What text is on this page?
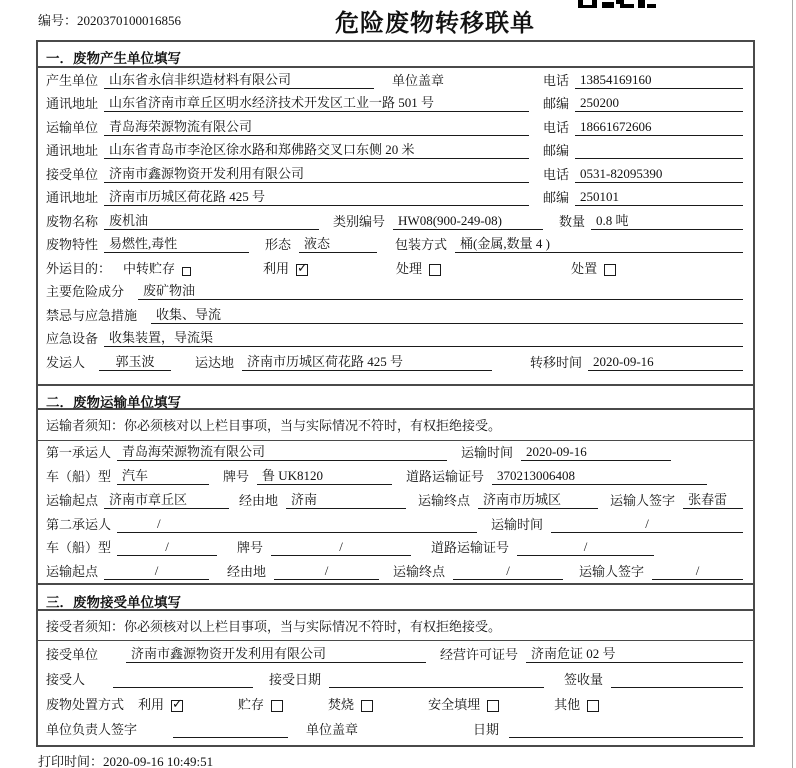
编号：2020370100016856	危险废物转移联单
一．废物产生单位填写
产生单位 山东省永信非织造材料有限公司	单位盖章	电话 13854169160
通讯地址 山东省济南市章丘区明水经济技术开发区工业一路 501 号	邮编 250200
运输单位 青岛海荣源物流有限公司	电话 18661672606
通讯地址 山东省青岛市李沧区徐水路和郑佛路交叉口东侧 20 米	邮编
接受单位 济南市鑫源物资开发利用有限公司	电话 0531-82095390
通讯地址 济南市历城区荷花路 425 号	邮编 250101
废物名称 废机油	类别编号	HW08(900-249-08)	数量 0.8 吨
废物特性 易燃性,毒性	形态	液态	包装方式	桶(金属,数量 4 )
外运目的： 中转贮存	利用 ✓	处理	处置
主要危险成分	废矿物油
禁忌与应急措施	收集、导流
应急设备 收集装置，导流渠
发运人	郭玉波	运达地	济南市历城区荷花路 425 号	转移时间 2020-09-16
二．废物运输单位填写
运输者须知：你必须核对以上栏目事项，当与实际情况不符时，有权拒绝接受。
第一承运人 青岛海荣源物流有限公司	运输时间	2020-09-16
车（船）型 汽车	牌号	鲁 UK8120	道路运输证号	370213006408
运输起点 济南市章丘区	经由地	济南	运输终点	济南市历城区	运输人签字	张春雷
第二承运人	/	运输时间	/
车（船）型	/	牌号	/	道路运输证号	/
运输起点	/	经由地	/	运输终点	/	运输人签字	/
三．废物接受单位填写
接受者须知：你必须核对以上栏目事项，当与实际情况不符时，有权拒绝接受。
接受单位	济南市鑫源物资开发利用有限公司	经营许可证号	济南危证 02 号
接受人	接受日期	签收量
废物处置方式 利用 ✓	贮存	焚烧	安全填埋	其他
单位负责人签字	单位盖章	日期
打印时间：2020-09-16 10:49:51
